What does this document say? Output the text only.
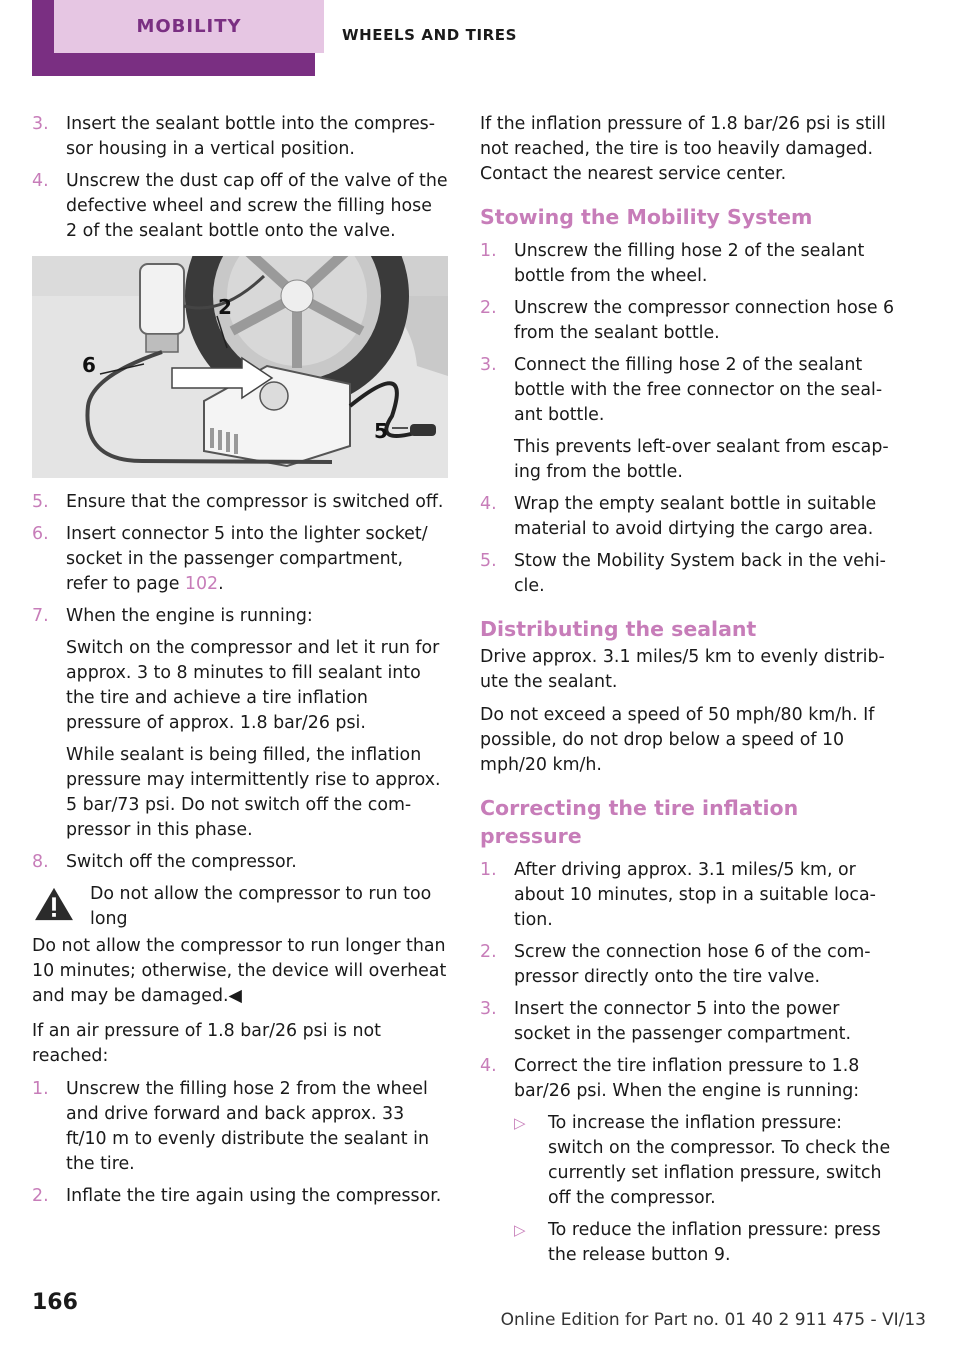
MOBILITY	WHEELS AND TIRES
3.	Insert the sealant bottle into the compres‐ sor housing in a vertical position.

4.	Unscrew the dust cap off of the valve of the defective wheel and screw the filling hose 2 of the sealant bottle onto the valve.

2
6
5
5.	Ensure that the compressor is switched off.

6.	Insert connector 5 into the lighter socket/ socket in the passenger compartment, refer to page 102.

7.	When the engine is running:

Switch on the compressor and let it run for approx. 3 to 8 minutes to fill sealant into the tire and achieve a tire inflation pressure of approx. 1.8 bar/26 psi.

While sealant is being filled, the inflation pressure may intermittently rise to approx. 5 bar/73 psi. Do not switch off the com‐ pressor in this phase.

8.	Switch off the compressor.

Do not allow the compressor to run too long

Do not allow the compressor to run longer than 10 minutes; otherwise, the device will overheat and may be damaged.◀

If an air pressure of 1.8 bar/26 psi is not reached:

1.	Unscrew the filling hose 2 from the wheel and drive forward and back approx. 33 ft/10 m to evenly distribute the sealant in the tire.

2.	Inflate the tire again using the compressor.

If the inflation pressure of 1.8 bar/26 psi is still not reached, the tire is too heavily damaged. Contact the nearest service center.

Stowing the Mobility System
1.	Unscrew the filling hose 2 of the sealant bottle from the wheel.

2.	Unscrew the compressor connection hose 6 from the sealant bottle.

3.	Connect the filling hose 2 of the sealant bottle with the free connector on the seal‐ ant bottle.

This prevents left-over sealant from escap‐ ing from the bottle.

4.	Wrap the empty sealant bottle in suitable material to avoid dirtying the cargo area.

5.	Stow the Mobility System back in the vehi‐ cle.

Distributing the sealant

Drive approx. 3.1 miles/5 km to evenly distrib‐ ute the sealant.

Do not exceed a speed of 50 mph/80 km/h. If possible, do not drop below a speed of 10 mph/20 km/h.

Correcting the tire inflation pressure
1.	After driving approx. 3.1 miles/5 km, or about 10 minutes, stop in a suitable loca‐ tion.

2.	Screw the connection hose 6 of the com‐ pressor directly onto the tire valve.

3.	Insert the connector 5 into the power socket in the passenger compartment.

4.	Correct the tire inflation pressure to 1.8 bar/26 psi. When the engine is running:

▷	To increase the inflation pressure: switch on the compressor. To check the currently set inflation pressure, switch off the compressor.
▷	To reduce the inflation pressure: press the release button 9.
166
Online Edition for Part no. 01 40 2 911 475 - VI/13
